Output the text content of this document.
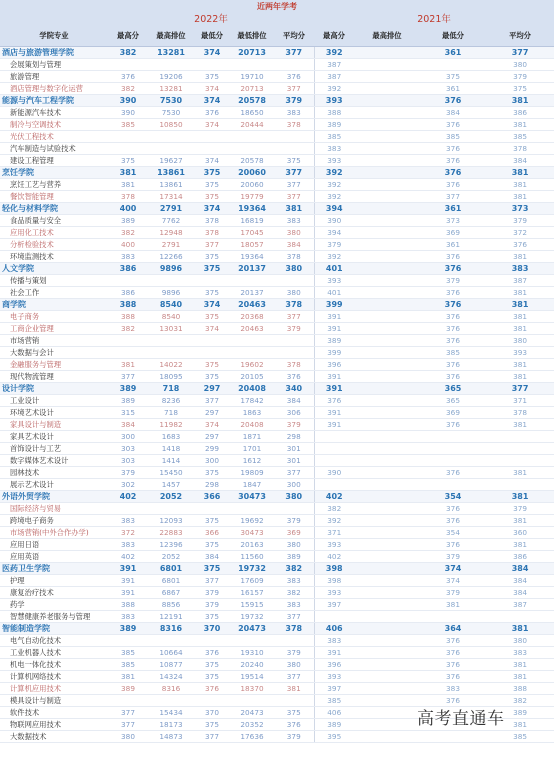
近两年学考									
	2022年					2021年			
学院专业	最高分	最高排位	最低分	最低排位	平均分	最高分	最高排位	最低分	平均分
酒店与旅游管理学院	382	13281	374	20713	377	392		361	377
会展策划与管理						387			380
旅游管理	376	19206	375	19710	376	387		375	379
酒店管理与数字化运营	382	13281	374	20713	377	392		361	375
能源与汽车工程学院	390	7530	374	20578	379	393		376	381
新能源汽车技术	390	7530	376	18650	383	388		384	386
制冷与空调技术	385	10850	374	20444	378	389		376	381
光伏工程技术						385		385	385
汽车制造与试验技术						383		376	378
建设工程管理	375	19627	374	20578	375	393		376	384
烹饪学院	381	13861	375	20060	377	392		376	381
烹饪工艺与营养	381	13861	375	20060	377	392		376	381
餐饮智能管理	378	17314	375	19779	377	392		377	381
轻化与材料学院	400	2791	374	19364	381	394		361	373
食品质量与安全	389	7762	378	16819	383	390		373	379
应用化工技术	382	12948	378	17045	380	394		369	372
分析检验技术	400	2791	377	18057	384	379		361	376
环境监测技术	383	12266	375	19364	378	392		376	381
人文学院	386	9896	375	20137	380	401		376	383
传播与策划						393		379	387
社会工作	386	9896	375	20137	380	401		376	381
商学院	388	8540	374	20463	378	399		376	381
电子商务	388	8540	375	20368	377	391		376	381
工商企业管理	382	13031	374	20463	379	391		376	381
市场营销						389		376	380
大数据与会计						399		385	393
金融服务与管理	381	14022	375	19602	378	396		376	381
现代物流管理	377	18095	375	20105	376	391		376	381
设计学院	389	718	297	20408	340	391		365	377
工业设计	389	8236	377	17842	384	376		365	371
环境艺术设计	315	718	297	1863	306	391		369	378
家具设计与制造	384	11982	374	20408	379	391		376	381
家具艺术设计	300	1683	297	1871	298				
首饰设计与工艺	303	1418	299	1701	301				
数字媒体艺术设计	303	1414	300	1612	301				
园林技术	379	15450	375	19809	377	390		376	381
展示艺术设计	302	1457	298	1847	300				
外语外贸学院	402	2052	366	30473	380	402		354	381
国际经济与贸易						382		376	379
跨境电子商务	383	12093	375	19692	379	392		376	381
市场营销(中外合作办学)	372	22883	366	30473	369	371		354	360
应用日语	383	12396	375	20163	380	393		376	381
应用英语	402	2052	384	11560	389	402		379	386
医药卫生学院	391	6801	375	19732	382	398		374	384
护理	391	6801	377	17609	383	398		374	384
康复治疗技术	391	6867	379	16157	382	393		379	384
药学	388	8856	379	15915	383	397		381	387
智慧健康养老服务与管理	383	12191	375	19732	377				
智能制造学院	389	8316	370	20473	378	406		364	381
电气自动化技术						383		376	380
工业机器人技术	385	10664	376	19310	379	391		376	383
机电一体化技术	385	10877	375	20240	380	396		376	381
计算机网络技术	381	14324	375	19514	377	393		376	381
计算机应用技术	389	8316	376	18370	381	397		383	388
模具设计与制造						385		376	382
软件技术	377	15434	370	20473	375	406			389
物联网应用技术	377	18173	375	20352	376	389			381
大数据技术	380	14873	377	17636	379	395			385
高考直通车
